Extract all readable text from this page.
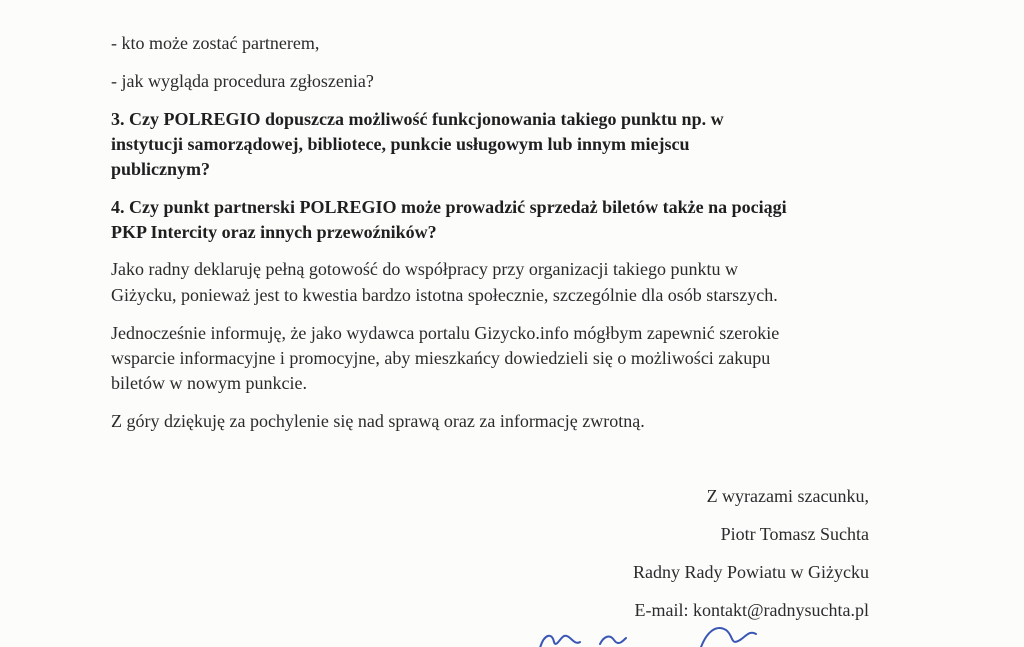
- kto może zostać partnerem,
- jak wygląda procedura zgłoszenia?
3. Czy POLREGIO dopuszcza możliwość funkcjonowania takiego punktu np. w
instytucji samorządowej, bibliotece, punkcie usługowym lub innym miejscu
publicznym?
4. Czy punkt partnerski POLREGIO może prowadzić sprzedaż biletów także na pociągi
PKP Intercity oraz innych przewoźników?
Jako radny deklaruję pełną gotowość do współpracy przy organizacji takiego punktu w
Giżycku, ponieważ jest to kwestia bardzo istotna społecznie, szczególnie dla osób starszych.
Jednocześnie informuję, że jako wydawca portalu Gizycko.info mógłbym zapewnić szerokie
wsparcie informacyjne i promocyjne, aby mieszkańcy dowiedzieli się o możliwości zakupu
biletów w nowym punkcie.
Z góry dziękuję za pochylenie się nad sprawą oraz za informację zwrotną.
Z wyrazami szacunku,
Piotr Tomasz Suchta
Radny Rady Powiatu w Giżycku
E-mail: kontakt@radnysuchta.pl
